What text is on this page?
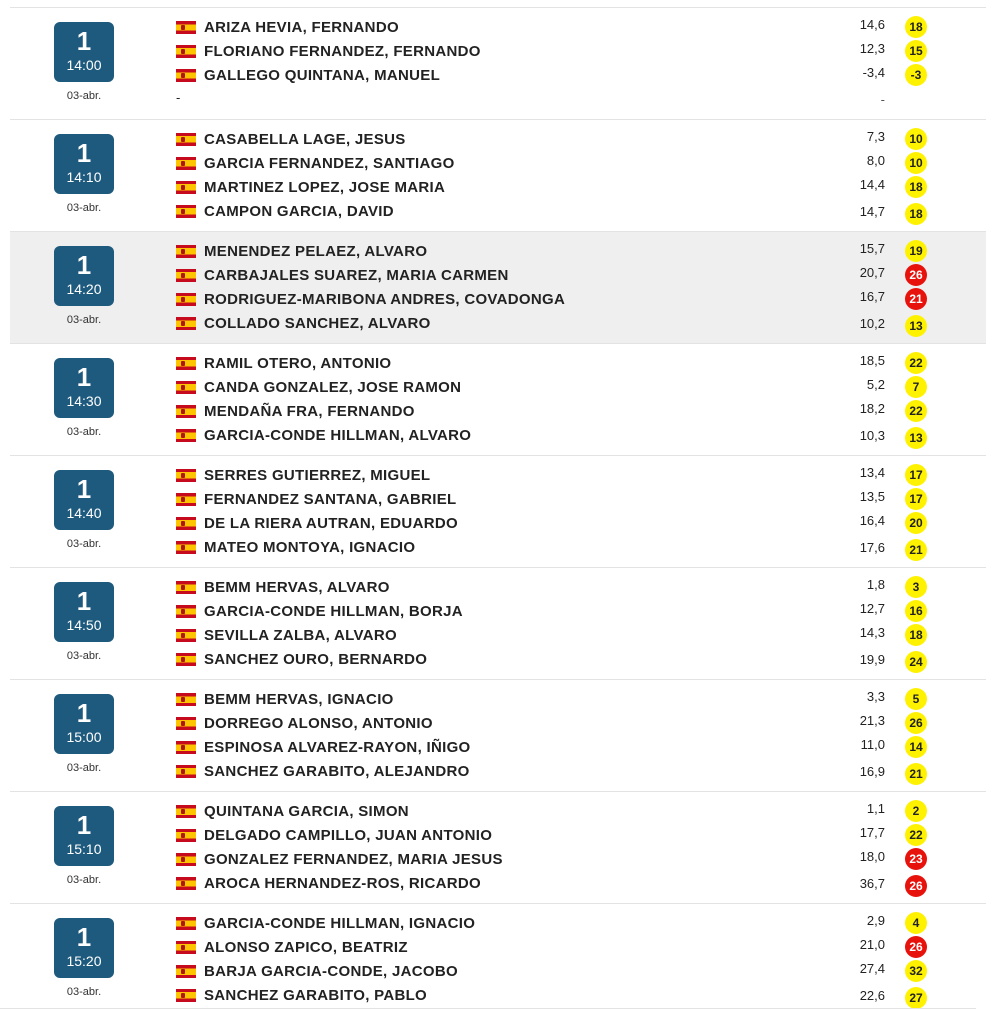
1
14:00
03-abr.
ARIZA HEVIA, FERNANDO	14,6	18
FLORIANO FERNANDEZ, FERNANDO	12,3	15
GALLEGO QUINTANA, MANUEL	-3,4	-3
-	-
1
14:10
03-abr.
CASABELLA LAGE, JESUS	7,3	10
GARCIA FERNANDEZ, SANTIAGO	8,0	10
MARTINEZ LOPEZ, JOSE MARIA	14,4	18
CAMPON GARCIA, DAVID	14,7	18
1
14:20
03-abr.
MENENDEZ PELAEZ, ALVARO	15,7	19
CARBAJALES SUAREZ, MARIA CARMEN	20,7	26
RODRIGUEZ-MARIBONA ANDRES, COVADONGA	16,7	21
COLLADO SANCHEZ, ALVARO	10,2	13
1
14:30
03-abr.
RAMIL OTERO, ANTONIO	18,5	22
CANDA GONZALEZ, JOSE RAMON	5,2	7
MENDAÑA FRA, FERNANDO	18,2	22
GARCIA-CONDE HILLMAN, ALVARO	10,3	13
1
14:40
03-abr.
SERRES GUTIERREZ, MIGUEL	13,4	17
FERNANDEZ SANTANA, GABRIEL	13,5	17
DE LA RIERA AUTRAN, EDUARDO	16,4	20
MATEO MONTOYA, IGNACIO	17,6	21
1
14:50
03-abr.
BEMM HERVAS, ALVARO	1,8	3
GARCIA-CONDE HILLMAN, BORJA	12,7	16
SEVILLA ZALBA, ALVARO	14,3	18
SANCHEZ OURO, BERNARDO	19,9	24
1
15:00
03-abr.
BEMM HERVAS, IGNACIO	3,3	5
DORREGO ALONSO, ANTONIO	21,3	26
ESPINOSA ALVAREZ-RAYON, IÑIGO	11,0	14
SANCHEZ GARABITO, ALEJANDRO	16,9	21
1
15:10
03-abr.
QUINTANA GARCIA, SIMON	1,1	2
DELGADO CAMPILLO, JUAN ANTONIO	17,7	22
GONZALEZ FERNANDEZ, MARIA JESUS	18,0	23
AROCA HERNANDEZ-ROS, RICARDO	36,7	26
1
15:20
03-abr.
GARCIA-CONDE HILLMAN, IGNACIO	2,9	4
ALONSO ZAPICO, BEATRIZ	21,0	26
BARJA GARCIA-CONDE, JACOBO	27,4	32
SANCHEZ GARABITO, PABLO	22,6	27
